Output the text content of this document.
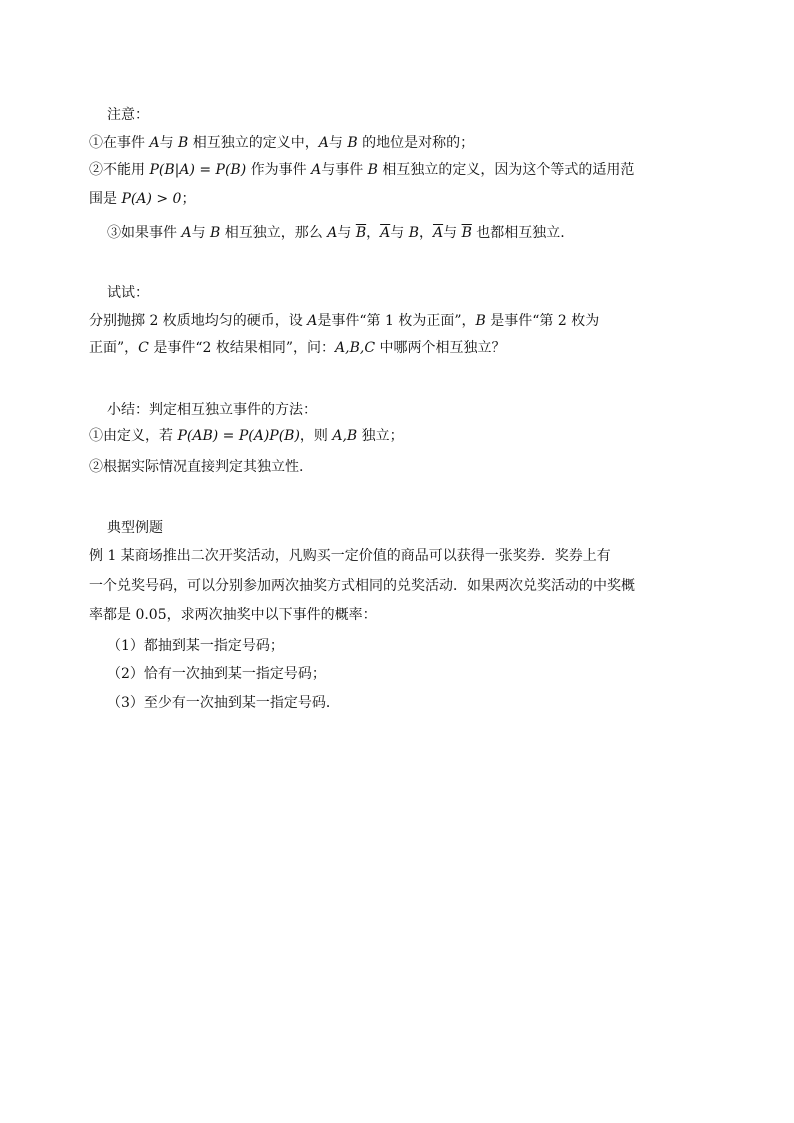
注意：
①在事件 A与 B 相互独立的定义中，A与 B 的地位是对称的；
②不能用 P(B|A) = P(B) 作为事件 A与事件 B 相互独立的定义，因为这个等式的适用范
围是 P(A) > 0；
③如果事件 A与 B 相互独立，那么 A与 $\overline{B}$，$\overline{A}$与 B，$\overline{A}$与 $\overline{B}$ 也都相互独立.
试试：
分别抛掷 2 枚质地均匀的硬币，设 A是事件“第 1 枚为正面”，B 是事件“第 2 枚为
正面”，C 是事件“2 枚结果相同”，问：A,B,C 中哪两个相互独立？
小结：判定相互独立事件的方法：
①由定义，若 P(AB) = P(A)P(B)，则 A,B 独立；
②根据实际情况直接判定其独立性.
典型例题
例 1 某商场推出二次开奖活动，凡购买一定价值的商品可以获得一张奖券．奖券上有
一个兑奖号码，可以分别参加两次抽奖方式相同的兑奖活动．如果两次兑奖活动的中奖概
率都是 0.05，求两次抽奖中以下事件的概率：
（1）都抽到某一指定号码；
（2）恰有一次抽到某一指定号码；
（3）至少有一次抽到某一指定号码．
